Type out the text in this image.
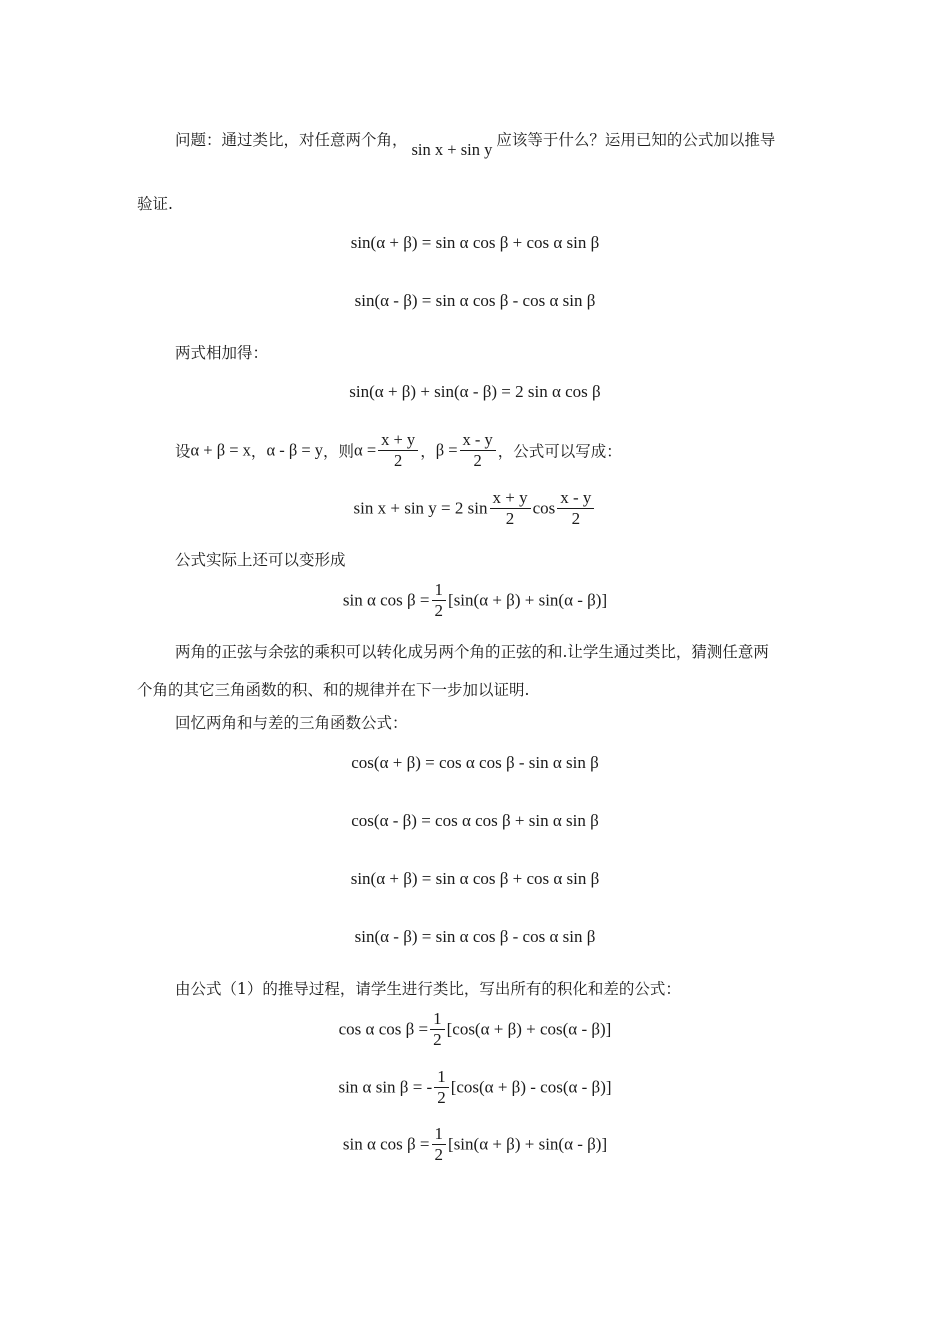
问题：通过类比，对任意两个角， sin x + sin y 应该等于什么？运用已知的公式加以推导
验证.
sin(α + β) = sin α cos β + cos α sin β
sin(α - β) = sin α cos β - cos α sin β
两式相加得：
sin(α + β) + sin(α - β) = 2 sin α cos β
设α + β = x，α - β = y，则$\alpha = \frac{x + y}{2}$ ，$\beta = \frac{x - y}{2}$ ，公式可以写成：
sin x + sin y = 2 $\sin \frac{x + y}{2}$ $\cos \frac{x - y}{2}$
公式实际上还可以变形成
sin α $\cos \beta = \frac{1}{2} [\sin(\alpha + \beta) + \sin(\alpha - \beta)]$
两角的正弦与余弦的乘积可以转化成另两个角的正弦的和.让学生通过类比，猜测任意两
个角的其它三角函数的积、和的规律并在下一步加以证明.
回忆两角和与差的三角函数公式：
cos(α + β) = cos α cos β - sin α sin β
cos(α - β) = cos α cos β + sin α sin β
sin(α + β) = sin α cos β + cos α sin β
sin(α - β) = sin α cos β - cos α sin β
由公式（1）的推导过程，请学生进行类比，写出所有的积化和差的公式：
cos α $\cos \beta = \frac{1}{2} [\cos(\alpha + \beta) + \cos(\alpha - \beta)]$
sin α sin β = - $\frac{1}{2} [\cos(\alpha + \beta) - \cos(\alpha - \beta)]$
sin α $\cos \beta = \frac{1}{2} [\sin(\alpha + \beta) + \sin(\alpha - \beta)]$
